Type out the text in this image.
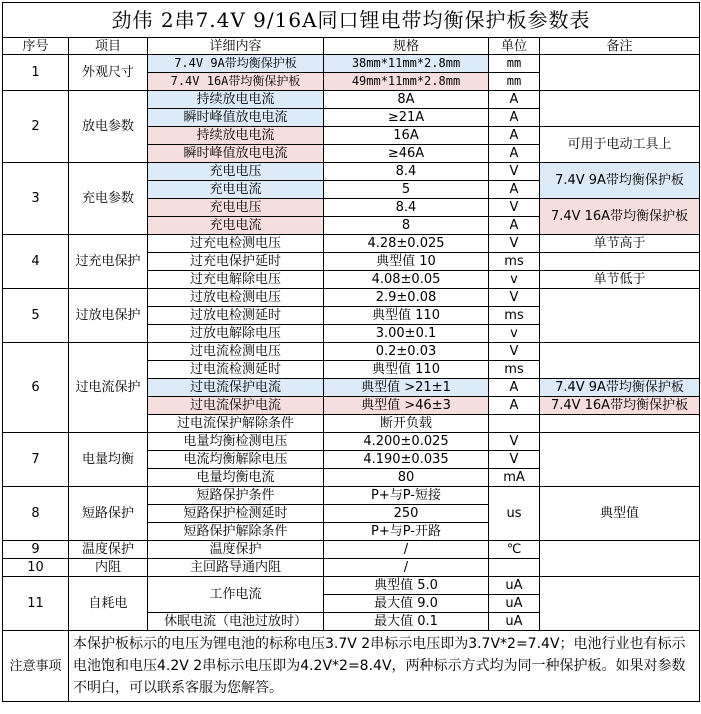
劲伟 2串7.4V 9/16A同口锂电带均衡保护板参数表					
序号	项目	详细内容	规格	单位	备注
1	外观尺寸	7.4V 9A带均衡保护板	38mm*11mm*2.8mm	mm	
		7.4V 16A带均衡保护板	49mm*11mm*2.8mm	mm	
2	放电参数	持续放电电流	8A	A	
		瞬时峰值放电电流	≥21A	A	
		持续放电电流	16A	A	可用于电动工具上
		瞬时峰值放电电流	≥46A	A	
3	充电参数	充电电压	8.4	V	7.4V 9A带均衡保护板
		充电电流	5	A	
		充电电压	8.4	V	7.4V 16A带均衡保护板
		充电电流	8	A	
4	过充电保护	过充电检测电压	4.28±0.025	V	单节高于
		过充电保护延时	典型值 10	ms	
		过充电解除电压	4.08±0.05	v	单节低于
5	过放电保护	过放电检测电压	2.9±0.08	V	
		过放电检测延时	典型值 110	ms	
		过放电解除电压	3.00±0.1	v	
6	过电流保护	过电流检测电压	0.2±0.03	V	
		过电流检测延时	典型值 110	ms	
		过电流保护电流	典型值 >21±1	A	7.4V 9A带均衡保护板
		过电流保护电流	典型值 >46±3	A	7.4V 16A带均衡保护板
		过电流保护解除条件	断开负载		
7	电量均衡	电量均衡检测电压	4.200±0.025	V	
		电流均衡解除电压	4.190±0.035	V	
		电量均衡电流	80	mA	
8	短路保护	短路保护条件	P+与P-短接	us	典型值
		短路保护检测延时	250		
		短路保护解除条件	P+与P-开路		
9	温度保护	温度保护	/	℃	
10	内阻	主回路导通内阻	/		
11	自耗电	工作电流	典型值 5.0	uA	
			最大值 9.0	uA	
		休眠电流（电池过放时）	最大值 0.1	uA	
注意事项	本保护板标示的电压为锂电池的标称电压3.7V 2串标示电压即为3.7V*2=7.4V；电池行业也有标示电池饱和电压4.2V 2串标示电压即为4.2V*2=8.4V，两种标示方式均为同一种保护板。如果对参数不明白，可以联系客服为您解答。				
